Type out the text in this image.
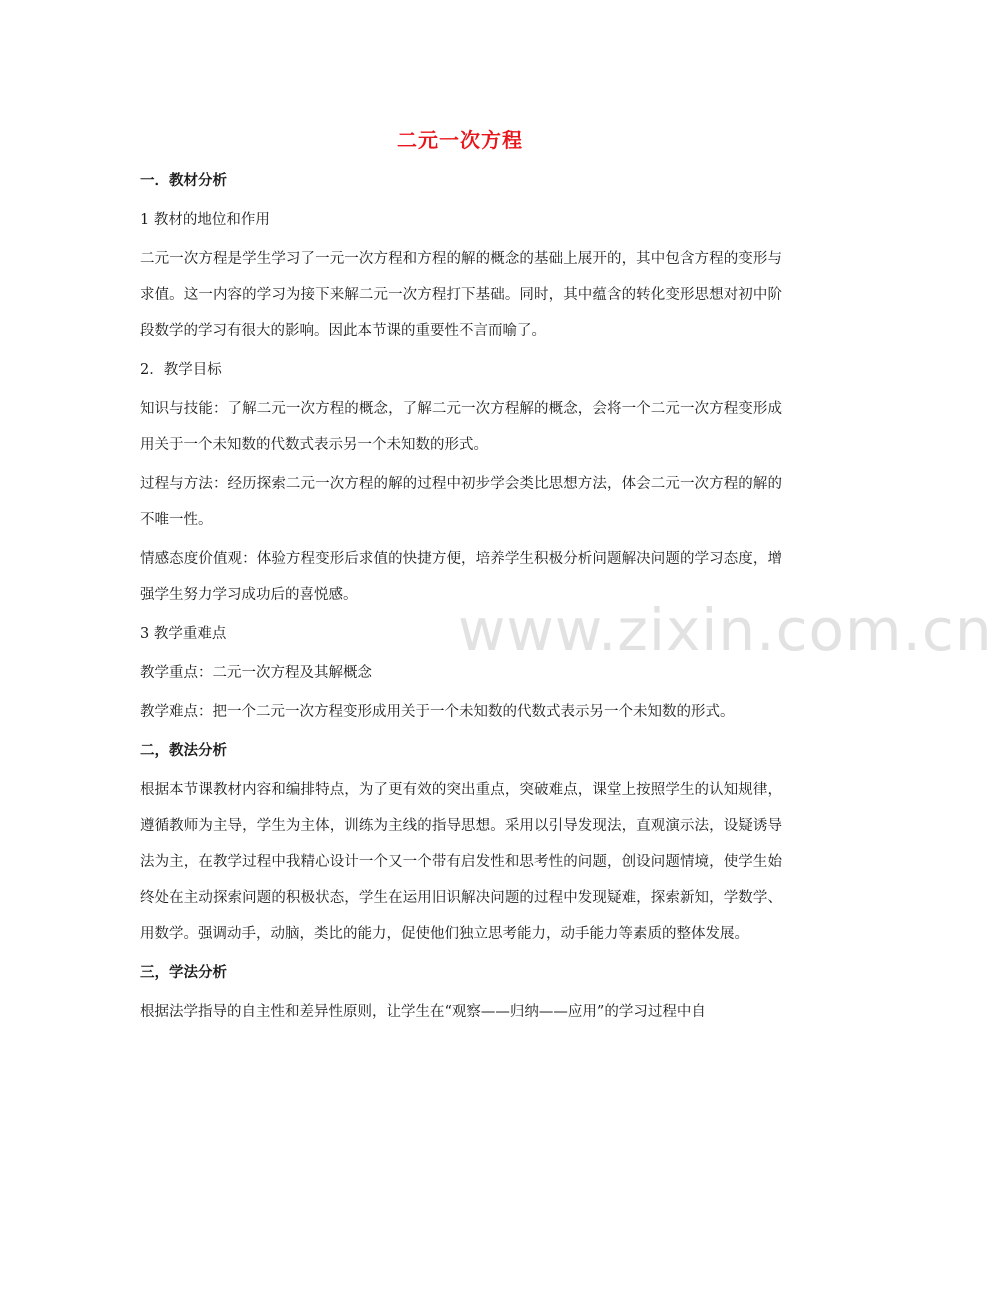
二元一次方程
一．教材分析
1 教材的地位和作用
二元一次方程是学生学习了一元一次方程和方程的解的概念的基础上展开的，其中包含方程的变形与求值。这一内容的学习为接下来解二元一次方程打下基础。同时，其中蕴含的转化变形思想对初中阶段数学的学习有很大的影响。因此本节课的重要性不言而喻了。
2．教学目标
知识与技能：了解二元一次方程的概念，了解二元一次方程解的概念，会将一个二元一次方程变形成用关于一个未知数的代数式表示另一个未知数的形式。
过程与方法：经历探索二元一次方程的解的过程中初步学会类比思想方法，体会二元一次方程的解的不唯一性。
情感态度价值观：体验方程变形后求值的快捷方便，培养学生积极分析问题解决问题的学习态度，增强学生努力学习成功后的喜悦感。
3 教学重难点
教学重点：二元一次方程及其解概念
教学难点：把一个二元一次方程变形成用关于一个未知数的代数式表示另一个未知数的形式。
二，教法分析
根据本节课教材内容和编排特点，为了更有效的突出重点，突破难点，课堂上按照学生的认知规律，遵循教师为主导，学生为主体，训练为主线的指导思想。采用以引导发现法，直观演示法，设疑诱导法为主，在教学过程中我精心设计一个又一个带有启发性和思考性的问题，创设问题情境，使学生始终处在主动探索问题的积极状态，学生在运用旧识解决问题的过程中发现疑难，探索新知，学数学、用数学。强调动手，动脑，类比的能力，促使他们独立思考能力，动手能力等素质的整体发展。
三，学法分析
根据法学指导的自主性和差异性原则，让学生在“观察——归纳——应用”的学习过程中自
www.zixin.com.cn
